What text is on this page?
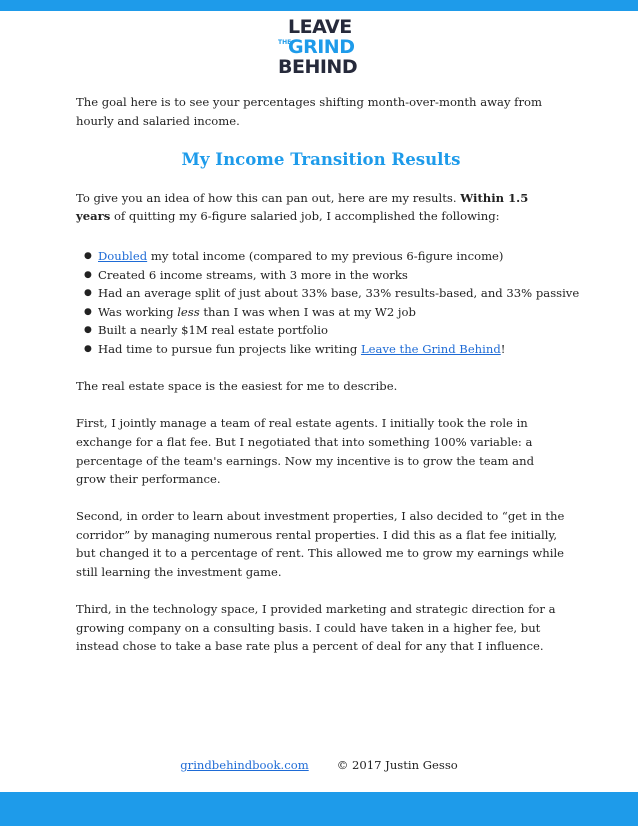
LEAVE
THE
GRIND
BEHIND

The goal here is to see your percentages shifting month-over-month away from hourly and salaried income.

My Income Transition Results

To give you an idea of how this can pan out, here are my results. Within 1.5 years of quitting my 6-figure salaried job, I accomplished the following:

● Doubled my total income (compared to my previous 6-figure income)
● Created 6 income streams, with 3 more in the works
● Had an average split of just about 33% base, 33% results-based, and 33% passive
● Was working less than I was when I was at my W2 job
● Built a nearly $1M real estate portfolio
● Had time to pursue fun projects like writing Leave the Grind Behind!

The real estate space is the easiest for me to describe.

First, I jointly manage a team of real estate agents. I initially took the role in exchange for a flat fee. But I negotiated that into something 100% variable: a percentage of the team's earnings. Now my incentive is to grow the team and grow their performance.

Second, in order to learn about investment properties, I also decided to “get in the corridor” by managing numerous rental properties. I did this as a flat fee initially, but changed it to a percentage of rent. This allowed me to grow my earnings while still learning the investment game.

Third, in the technology space, I provided marketing and strategic direction for a growing company on a consulting basis. I could have taken in a higher fee, but instead chose to take a base rate plus a percent of deal for any that I influence.

grindbehindbook.com © 2017 Justin Gesso
